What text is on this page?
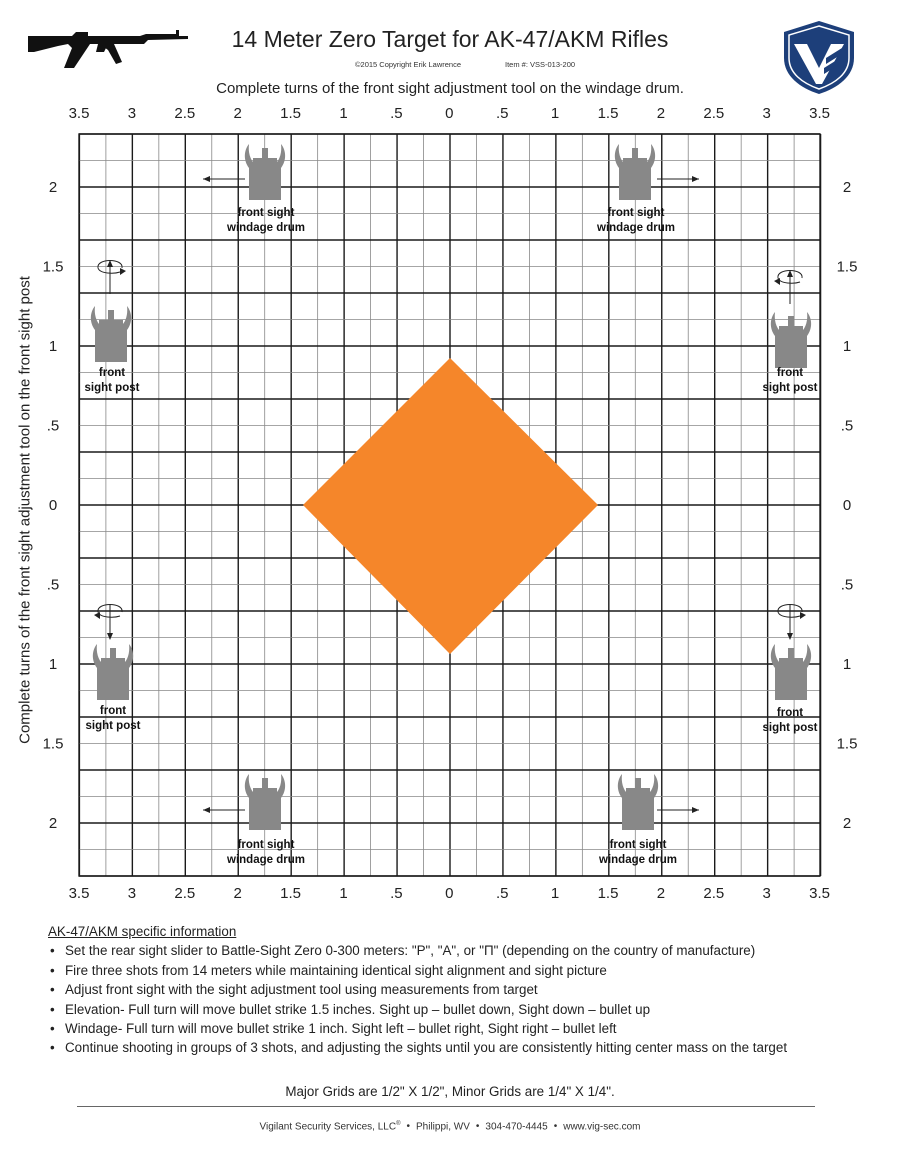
14 Meter Zero Target for AK-47/AKM Rifles
©2015 Copyright Erik Lawrence	Item #: VSS-013-200
Complete turns of the front sight adjustment tool on the windage drum.
Complete turns of the front sight adjustment tool on the front sight post
3.5
3.5
3
3
2.5
2.5
2
2
1.5
1.5
1
1
.5
.5
0
0
.5
.5
1
1
1.5
1.5
2
2
2.5
2.5
3
3
3.5
3.5
2	2
1.5	1.5
1	1
.5	.5
0	0
.5	.5
1	1
1.5	1.5
2	2
front sight
windage drum
front sight
windage drum
front sight
windage drum
front sight
windage drum
front
sight post
front
sight post
front
sight post
front
sight post
AK-47/AKM specific information
• Set the rear sight slider to Battle-Sight Zero 0-300 meters: "P", "A", or "Π" (depending on the country of manufacture)
• Fire three shots from 14 meters while maintaining identical sight alignment and sight picture
• Adjust front sight with the sight adjustment tool using measurements from target
• Elevation- Full turn will move bullet strike 1.5 inches. Sight up – bullet down, Sight down – bullet up
• Windage- Full turn will move bullet strike 1 inch. Sight left – bullet right, Sight right – bullet left
• Continue shooting in groups of 3 shots, and adjusting the sights until you are consistently hitting center mass on the target
Major Grids are 1/2" X 1/2", Minor Grids are 1/4" X 1/4".
Vigilant Security Services, LLC® • Philippi, WV • 304-470-4445 • www.vig-sec.com
